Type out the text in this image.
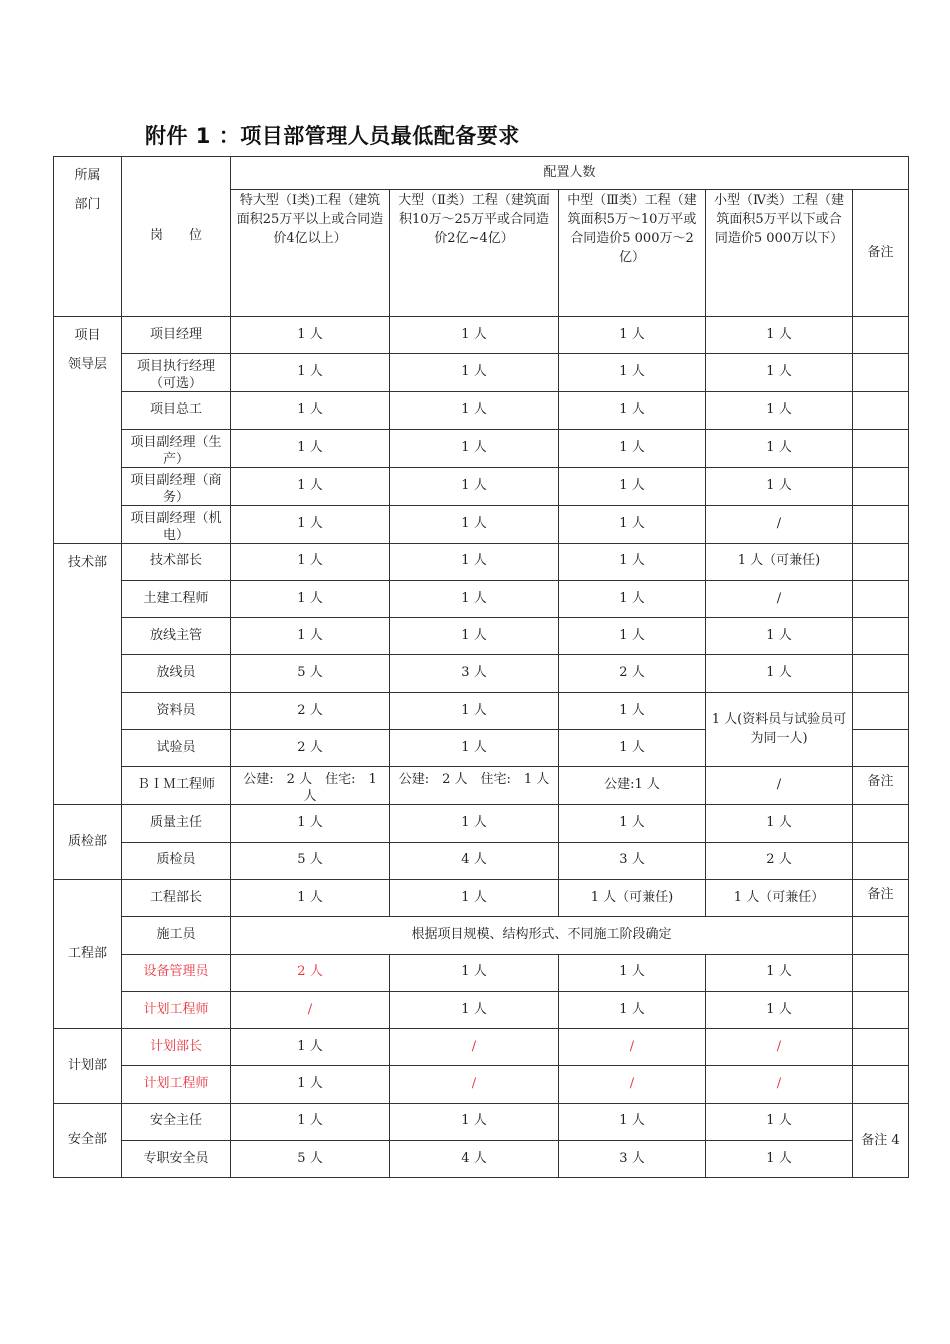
附件 1 ：项目部管理人员最低配备要求
所属
部门	岗　　位	配置人数				
		特大型（Ⅰ类)工程（建筑面积25万平以上或合同造价4亿以上）	大型（Ⅱ类）工程（建筑面积10万～25万平或合同造价2亿~4亿）	中型（Ⅲ类）工程（建筑面积5万～10万平或合同造价5 000万～2亿）	小型（Ⅳ类）工程（建筑面积5万平以下或合同造价5 000万以下）	备注
项目
领导层	项目经理	1 人	1 人	1 人	1 人	

	项目执行经理（可选）	1 人	1 人	1 人	1 人	
	项目总工	1 人	1 人	1 人	1 人	

	项目副经理（生产）	1 人	1 人	1 人	1 人	

	项目副经理（商务）	1 人	1 人	1 人	1 人	

	项目副经理（机电）	1 人	1 人	1 人	/	
技术部	技术部长	1 人	1 人	1 人	1 人（可兼任)	
	土建工程师	1 人	1 人	1 人	/	
	放线主管	1 人	1 人	1 人	1 人	
	放线员	5 人	3 人	2 人	1 人	
	资料员	2 人	1 人	1 人	1 人(资料员与试验员可为同一人)	
	试验员	2 人	1 人	1 人		
	ＢＩＭ工程师	公建:　2 人　住宅:　1 人	公建:　2 人　住宅:　1 人	公建:1 人	/	备注
质检部	质量主任	1 人	1 人	1 人	1 人	
	质检员	5 人	4 人	3 人	2 人	
工程部	工程部长	1 人	1 人	1 人（可兼任)	1 人（可兼任）	备注
	施工员	根据项目规模、结构形式、不同施工阶段确定				
	设备管理员	2 人	1 人	1 人	1 人	
	计划工程师	/	1 人	1 人	1 人	
计划部	计划部长	1 人	/	/	/	
	计划工程师	1 人	/	/	/	
安全部	安全主任	1 人	1 人	1 人	1 人	备注 4
	专职安全员	5 人	4 人	3 人	1 人	
